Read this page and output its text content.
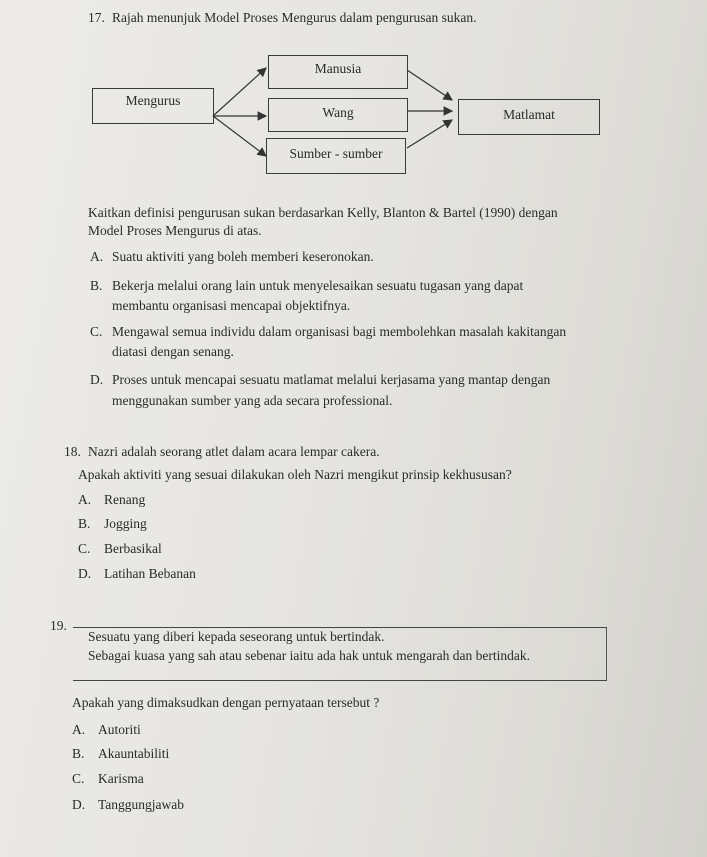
17. Rajah menunjuk Model Proses Mengurus dalam pengurusan sukan.
Mengurus
Manusia
Wang
Sumber - sumber
Matlamat
Kaitkan definisi pengurusan sukan berdasarkan Kelly, Blanton & Bartel (1990) dengan
Model Proses Mengurus di atas.
A. Suatu aktiviti yang boleh memberi keseronokan.
B. Bekerja melalui orang lain untuk menyelesaikan sesuatu tugasan yang dapat
membantu organisasi mencapai objektifnya.
C. Mengawal semua individu dalam organisasi bagi membolehkan masalah kakitangan
diatasi dengan senang.
D. Proses untuk mencapai sesuatu matlamat melalui kerjasama yang mantap dengan
menggunakan sumber yang ada secara professional.
18. Nazri adalah seorang atlet dalam acara lempar cakera.
Apakah aktiviti yang sesuai dilakukan oleh Nazri mengikut prinsip kekhususan?
A. Renang
B. Jogging
C. Berbasikal
D. Latihan Bebanan
19.
Sesuatu yang diberi kepada seseorang untuk bertindak.
Sebagai kuasa yang sah atau sebenar iaitu ada hak untuk mengarah dan bertindak.
Apakah yang dimaksudkan dengan pernyataan tersebut ?
A. Autoriti
B. Akauntabiliti
C. Karisma
D. Tanggungjawab
